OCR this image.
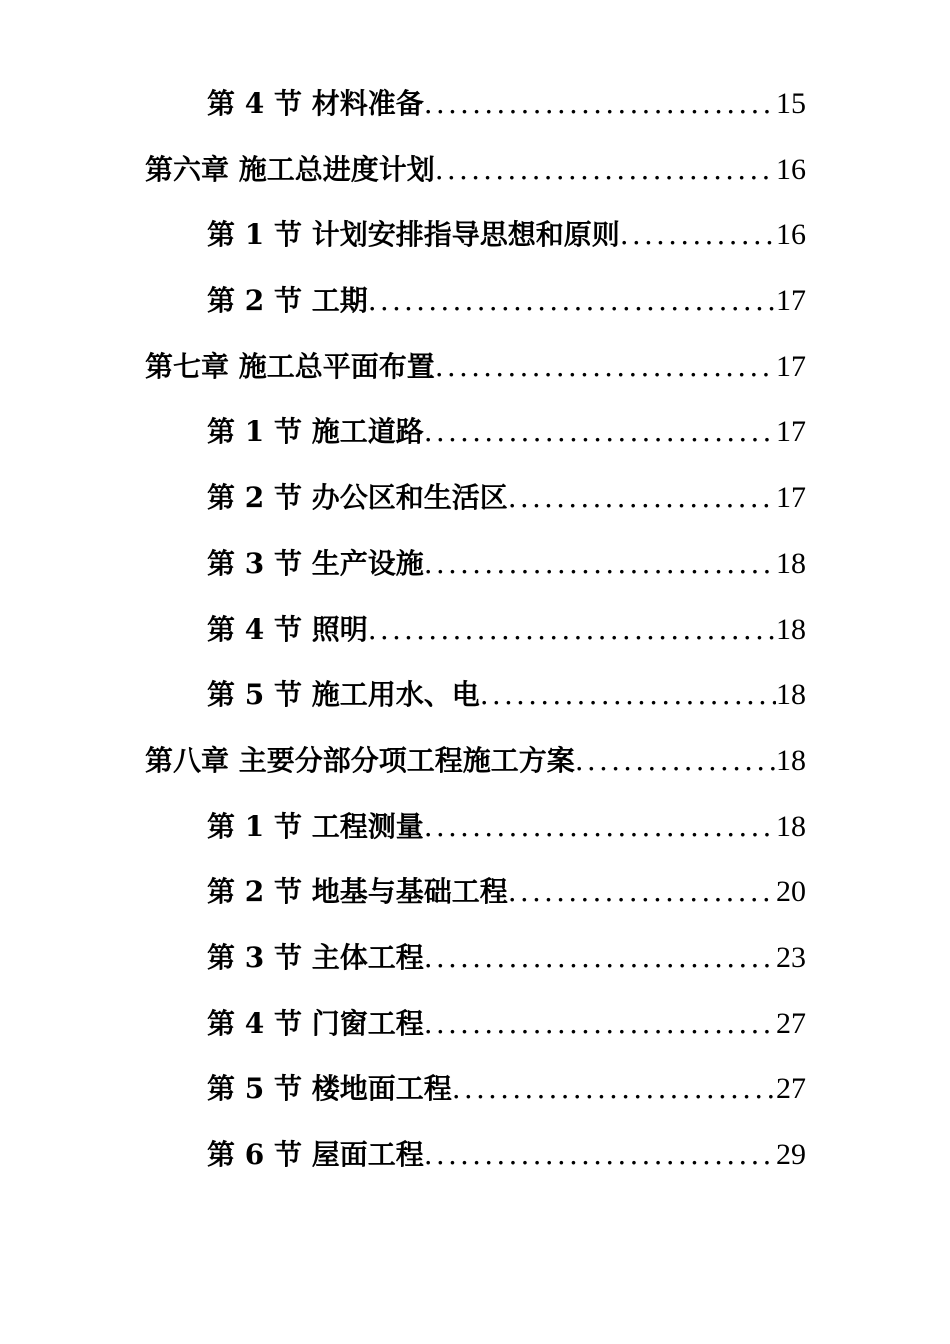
第 4 节 材料准备 .....	15
第六章 施工总进度计划 .....	16
第 1 节 计划安排指导思想和原则 .....	16
第 2 节 工期 .....	17
第七章 施工总平面布置 .....	17
第 1 节 施工道路 .....	17
第 2 节 办公区和生活区 .....	17
第 3 节 生产设施 .....	18
第 4 节 照明 .....	18
第 5 节 施工用水、电 .....	18
第八章 主要分部分项工程施工方案 .....	18
第 1 节 工程测量 .....	18
第 2 节 地基与基础工程 .....	20
第 3 节 主体工程 .....	23
第 4 节 门窗工程 .....	27
第 5 节 楼地面工程 .....	27
第 6 节 屋面工程 .....	29
